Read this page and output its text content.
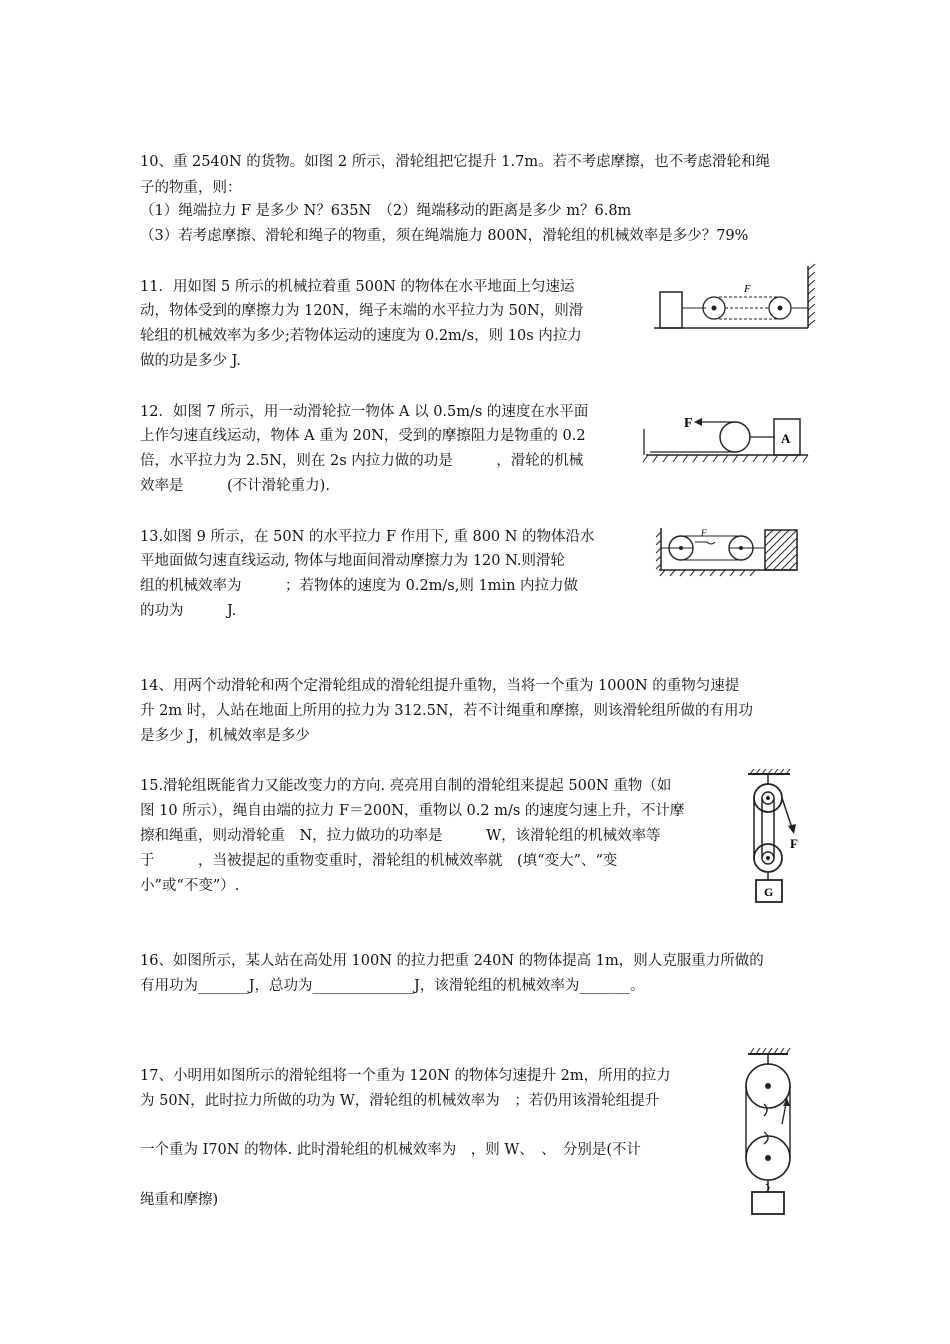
10、重 2540N 的货物。如图 2 所示，滑轮组把它提升 1.7m。若不考虑摩擦，也不考虑滑轮和绳
子的物重，则：
（1）绳端拉力 F 是多少 N？635N　（2）绳端移动的距离是多少 m？6.8m
（3）若考虑摩擦、滑轮和绳子的物重，须在绳端施力 800N，滑轮组的机械效率是多少？79%
11．用如图 5 所示的机械拉着重 500N 的物体在水平地面上匀速运
动，物体受到的摩擦力为 120N，绳子末端的水平拉力为 50N，则滑
轮组的机械效率为多少;若物体运动的速度为 0.2m/s，则 10s 内拉力
做的功是多少 J.
F
12．如图 7 所示，用一动滑轮拉一物体 A 以 0.5m/s 的速度在水平面
上作匀速直线运动，物体 A 重为 20N，受到的摩擦阻力是物重的 0.2
倍，水平拉力为 2.5N，则在 2s 内拉力做的功是　　　，滑轮的机械
效率是　　　(不计滑轮重力).
F
A
13.如图 9 所示，在 50N 的水平拉力 F 作用下, 重 800 N 的物体沿水
平地面做匀速直线运动, 物体与地面间滑动摩擦力为 120 N.则滑轮
组的机械效率为　　　；若物体的速度为 0.2m/s,则 1min 内拉力做
的功为　　　J.
F
14、用两个动滑轮和两个定滑轮组成的滑轮组提升重物，当将一个重为 1000N 的重物匀速提
升 2m 时，人站在地面上所用的拉力为 312.5N，若不计绳重和摩擦，则该滑轮组所做的有用功
是多少 J，机械效率是多少
15.滑轮组既能省力又能改变力的方向. 亮亮用自制的滑轮组来提起 500N 重物（如
图 10 所示），绳自由端的拉力 F＝200N，重物以 0.2 m/s 的速度匀速上升，不计摩
擦和绳重，则动滑轮重　N，拉力做功的功率是　　　W，该滑轮组的机械效率等
于　　　，当被提起的重物变重时，滑轮组的机械效率就　(填“变大”、“变
小”或“不变”）.
F
G
16、如图所示，某人站在高处用 100N 的拉力把重 240N 的物体提高 1m，则人克服重力所做的
有用功为_______J，总功为______________J，该滑轮组的机械效率为_______。
17、小明用如图所示的滑轮组将一个重为 120N 的物体匀速提升 2m，所用的拉力
为 50N，此时拉力所做的功为 W，滑轮组的机械效率为　；若仍用该滑轮组提升
一个重为 I70N 的物体. 此时滑轮组的机械效率为　，则 W、　、　分别是(不计
绳重和摩擦)
